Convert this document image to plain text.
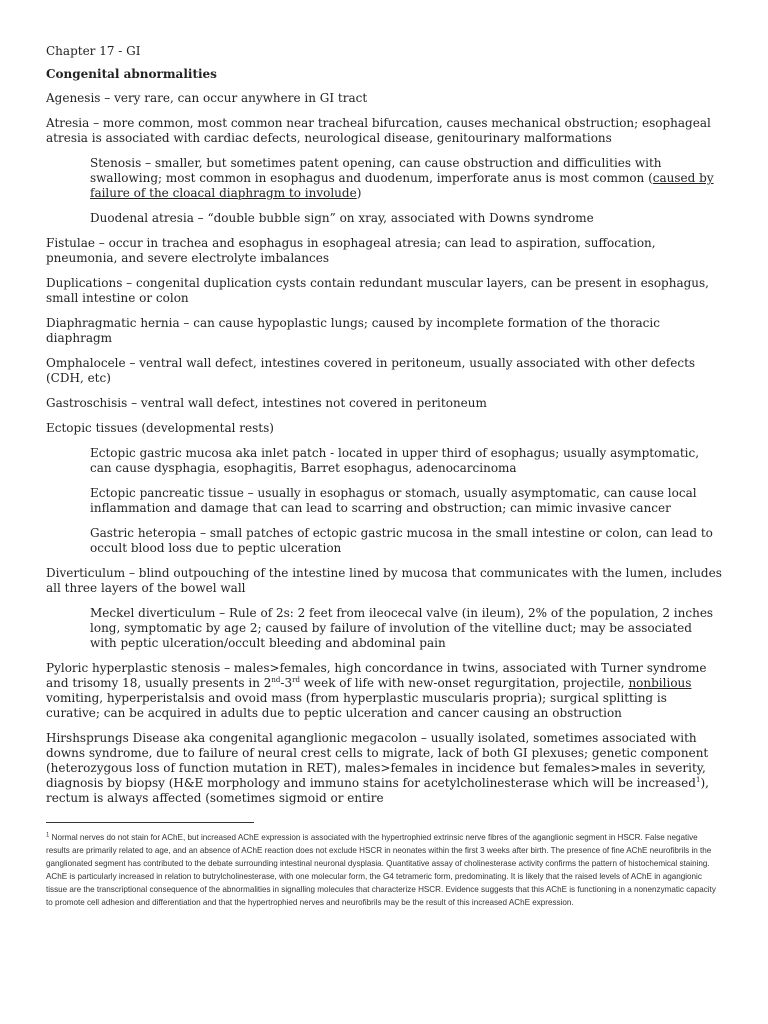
Chapter 17 - GI

Congenital abnormalities

Agenesis – very rare, can occur anywhere in GI tract

Atresia – more common, most common near tracheal bifurcation, causes mechanical obstruction; esophageal atresia is associated with cardiac defects, neurological disease, genitourinary malformations

Stenosis – smaller, but sometimes patent opening, can cause obstruction and difficulities with swallowing; most common in esophagus and duodenum, imperforate anus is most common (caused by failure of the cloacal diaphragm to involude)

Duodenal atresia – “double bubble sign” on xray, associated with Downs syndrome

Fistulae – occur in trachea and esophagus in esophageal atresia; can lead to aspiration, suffocation, pneumonia, and severe electrolyte imbalances

Duplications – congenital duplication cysts contain redundant muscular layers, can be present in esophagus, small intestine or colon

Diaphragmatic hernia – can cause hypoplastic lungs; caused by incomplete formation of the thoracic diaphragm

Omphalocele – ventral wall defect, intestines covered in peritoneum, usually associated with other defects (CDH, etc)

Gastroschisis – ventral wall defect, intestines not covered in peritoneum

Ectopic tissues (developmental rests)

Ectopic gastric mucosa aka inlet patch - located in upper third of esophagus; usually asymptomatic, can cause dysphagia, esophagitis, Barret esophagus, adenocarcinoma

Ectopic pancreatic tissue – usually in esophagus or stomach, usually asymptomatic, can cause local inflammation and damage that can lead to scarring and obstruction; can mimic invasive cancer

Gastric heteropia – small patches of ectopic gastric mucosa in the small intestine or colon, can lead to occult blood loss due to peptic ulceration

Diverticulum – blind outpouching of the intestine lined by mucosa that communicates with the lumen, includes all three layers of the bowel wall

Meckel diverticulum – Rule of 2s: 2 feet from ileocecal valve (in ileum), 2% of the population, 2 inches long, symptomatic by age 2; caused by failure of involution of the vitelline duct; may be associated with peptic ulceration/occult bleeding and abdominal pain

Pyloric hyperplastic stenosis – males>females, high concordance in twins, associated with Turner syndrome and trisomy 18, usually presents in 2nd-3rd week of life with new-onset regurgitation, projectile, nonbilious vomiting, hyperperistalsis and ovoid mass (from hyperplastic muscularis propria); surgical splitting is curative; can be acquired in adults due to peptic ulceration and cancer causing an obstruction

Hirshsprungs Disease aka congenital aganglionic megacolon – usually isolated, sometimes associated with downs syndrome, due to failure of neural crest cells to migrate, lack of both GI plexuses; genetic component (heterozygous loss of function mutation in RET), males>females in incidence but females>males in severity, diagnosis by biopsy (H&E morphology and immuno stains for acetylcholinesterase which will be increased$^1$), rectum is always affected (sometimes sigmoid or entire

$^1$ Normal nerves do not stain for AChE, but increased AChE expression is associated with the hypertrophied extrinsic nerve fibres of the aganglionic segment in HSCR. False negative results are primarily related to age, and an absence of AChE reaction does not exclude HSCR in neonates within the first 3 weeks after birth. The presence of fine AChE neurofibrils in the ganglionated segment has contributed to the debate surrounding intestinal neuronal dysplasia. Quantitative assay of cholinesterase activity confirms the pattern of histochemical staining. AChE is particularly increased in relation to butrylcholinesterase, with one molecular form, the G4 tetrameric form, predominating. It is likely that the raised levels of AChE in agangionic tissue are the transcriptional consequence of the abnormalities in signalling molecules that characterize HSCR. Evidence suggests that this AChE is functioning in a nonenzymatic capacity to promote cell adhesion and differentiation and that the hypertrophied nerves and neurofibrils may be the result of this increased AChE expression.
